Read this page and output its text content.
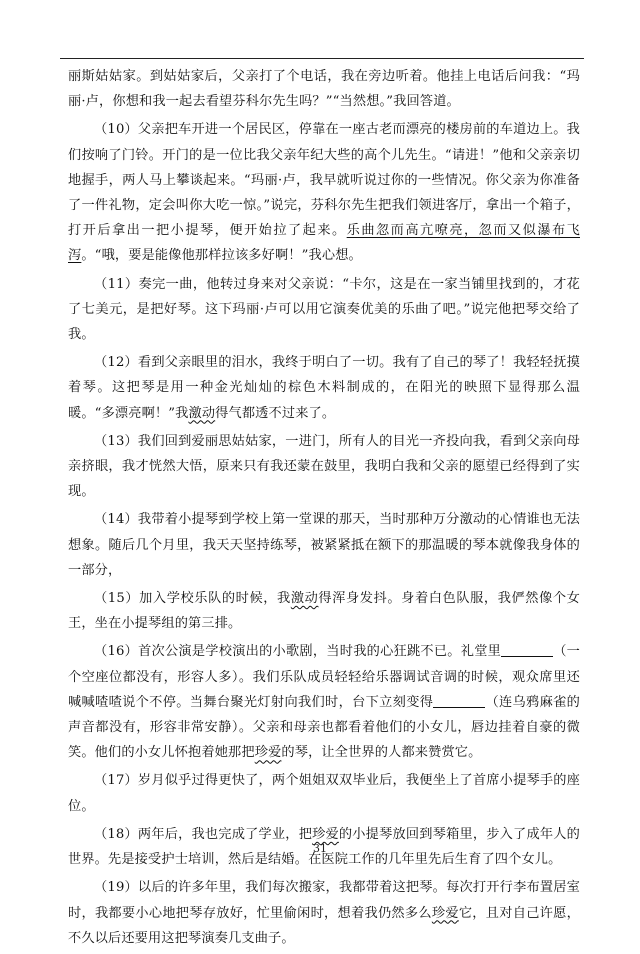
丽斯姑姑家。到姑姑家后，父亲打了个电话，我在旁边听着。他挂上电话后问我：“玛丽·卢，你想和我一起去看望芬科尔先生吗？”“当然想。”我回答道。

（10）父亲把车开进一个居民区，停靠在一座古老而漂亮的楼房前的车道边上。我们按响了门铃。开门的是一位比我父亲年纪大些的高个儿先生。“请进！”他和父亲亲切地握手，两人马上攀谈起来。“玛丽·卢，我早就听说过你的一些情况。你父亲为你准备了一件礼物，定会叫你大吃一惊。”说完，芬科尔先生把我们领进客厅，拿出一个箱子，打开后拿出一把小提琴，便开始拉了起来。乐曲忽而高亢嘹亮，忽而又似瀑布飞泻。“哦，要是能像他那样拉该多好啊！”我心想。

（11）奏完一曲，他转过身来对父亲说：“卡尔，这是在一家当铺里找到的，才花了七美元，是把好琴。这下玛丽·卢可以用它演奏优美的乐曲了吧。”说完他把琴交给了我。

（12）看到父亲眼里的泪水，我终于明白了一切。我有了自己的琴了！我轻轻抚摸着琴。这把琴是用一种金光灿灿的棕色木料制成的，在阳光的映照下显得那么温暖。“多漂亮啊！”我激动得气都透不过来了。

（13）我们回到爱丽思姑姑家，一进门，所有人的目光一齐投向我，看到父亲向母亲挤眼，我才恍然大悟，原来只有我还蒙在鼓里，我明白我和父亲的愿望已经得到了实现。

（14）我带着小提琴到学校上第一堂课的那天，当时那种万分激动的心情谁也无法想象。随后几个月里，我天天坚持练琴，被紧紧抵在额下的那温暖的琴本就像我身体的一部分，

（15）加入学校乐队的时候，我激动得浑身发抖。身着白色队服，我俨然像个女王，坐在小提琴组的第三排。

（16）首次公演是学校演出的小歌剧，当时我的心狂跳不已。礼堂里	（一个空座位都没有，形容人多）。我们乐队成员轻轻给乐器调试音调的时候，观众席里还喊喊喳喳说个不停。当舞台聚光灯射向我们时，台下立刻变得	（连乌鸦麻雀的声音都没有，形容非常安静）。父亲和母亲也都看着他们的小女儿，唇边挂着自豪的微笑。他们的小女儿怀抱着她那把珍爱的琴，让全世界的人都来赞赏它。

（17）岁月似乎过得更快了，两个姐姐双双毕业后，我便坐上了首席小提琴手的座位。

（18）两年后，我也完成了学业，把珍爱的小提琴放回到琴箱里，步入了成年人的世界。先是接受护士培训，然后是结婚。在医院工作的几年里先后生育了四个女儿。

（19）以后的许多年里，我们每次搬家，我都带着这把琴。每次打开行李布置居室时，我都要小心地把琴存放好，忙里偷闲时，想着我仍然多么珍爱它，且对自己许愿，不久以后还要用这把琴演奏几支曲子。

31
